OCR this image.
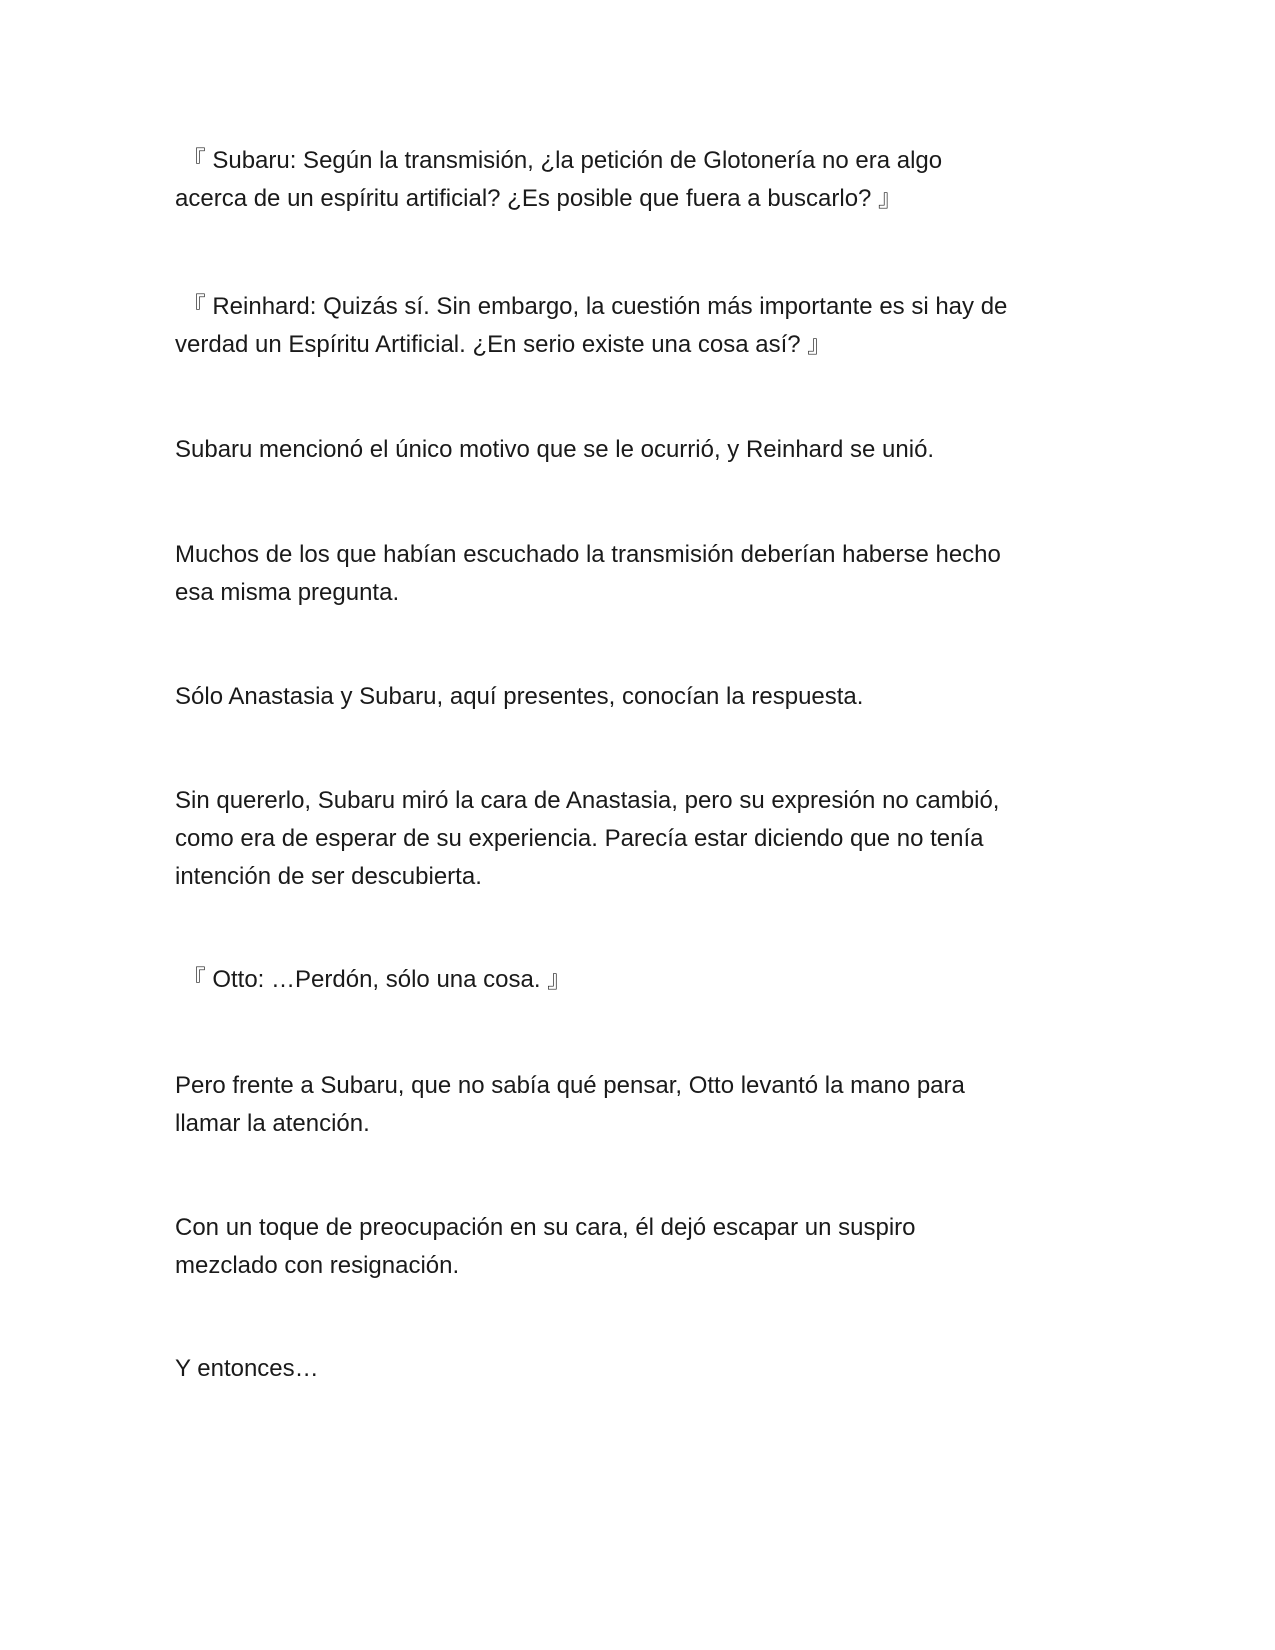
『 Subaru: Según la transmisión, ¿la petición de Glotonería no era algo
acerca de un espíritu artificial? ¿Es posible que fuera a buscarlo? 』

『 Reinhard: Quizás sí. Sin embargo, la cuestión más importante es si hay de
verdad un Espíritu Artificial. ¿En serio existe una cosa así? 』

Subaru mencionó el único motivo que se le ocurrió, y Reinhard se unió.

Muchos de los que habían escuchado la transmisión deberían haberse hecho
esa misma pregunta.

Sólo Anastasia y Subaru, aquí presentes, conocían la respuesta.

Sin quererlo, Subaru miró la cara de Anastasia, pero su expresión no cambió,
como era de esperar de su experiencia. Parecía estar diciendo que no tenía
intención de ser descubierta.

『 Otto: …Perdón, sólo una cosa. 』

Pero frente a Subaru, que no sabía qué pensar, Otto levantó la mano para
llamar la atención.

Con un toque de preocupación en su cara, él dejó escapar un suspiro
mezclado con resignación.

Y entonces…
